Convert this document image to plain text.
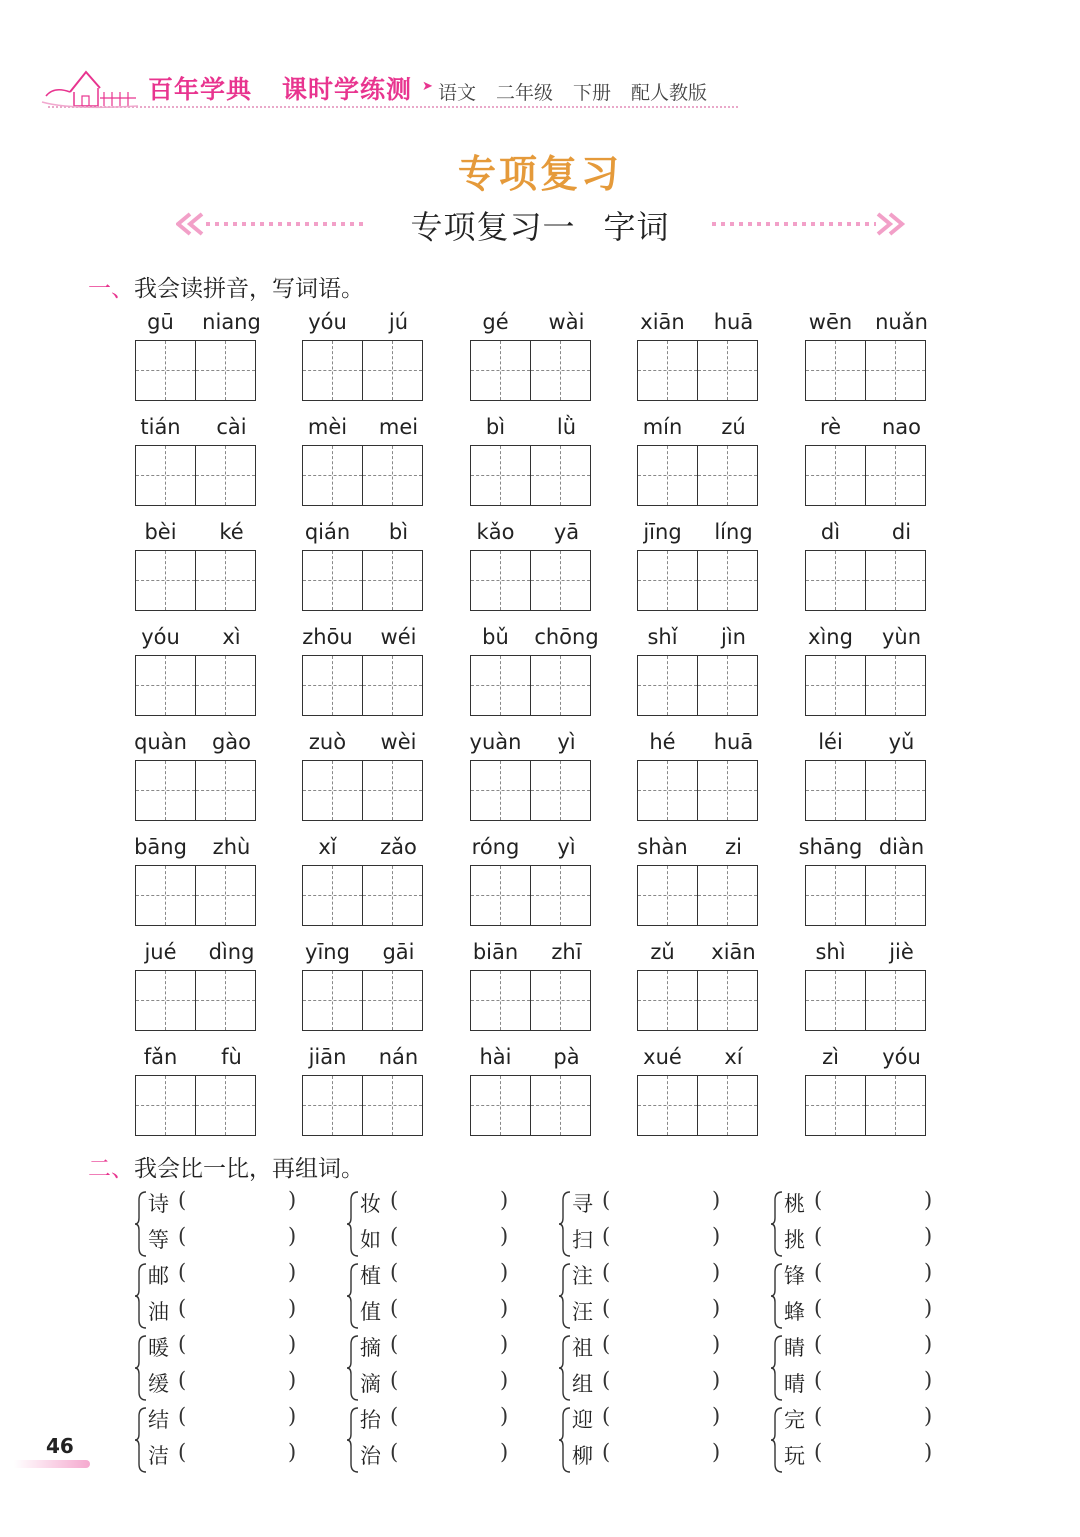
百年学典 课时学练测 ➤ 语文 二年级 下册 配人教版
专项复习
专项复习一 字词
一、我会读拼音，写词语。
gū	niang	yóu	jú	gé	wài	xiān	huā	wēn	nuǎn
tián	cài	mèi	mei	bì	lǜ	mín	zú	rè	nao
bèi	ké	qián	bì	kǎo	yā	jīng	líng	dì	di
yóu	xì	zhōu	wéi	bǔ	chōng	shǐ	jìn	xìng	yùn
quàn	gào	zuò	wèi	yuàn	yì	hé	huā	léi	yǔ
bāng	zhù	xǐ	zǎo	róng	yì	shàn	zi	shāng diàn
jué	dìng	yīng	gāi	biān	zhī	zǔ	xiān	shì	jiè
fǎn	fù	jiān	nán	hài	pà	xué	xí	zì	yóu
二、我会比一比，再组词。
诗 (	)
等 (	)
妆 (	)
如 (	)
寻 (	)
扫 (	)
桃 (	)
挑 (	)
邮 (	)
油 (	)
植 (	)
值 (	)
注 (	)
汪 (	)
锋 (	)
蜂 (	)
暖 (	)
缓 (	)
摘 (	)
滴 (	)
祖 (	)
组 (	)
睛 (	)
晴 (	)
结 (	)
洁 (	)
抬 (	)
治 (	)
迎 (	)
柳 (	)
完 (	)
玩 (	)
46
